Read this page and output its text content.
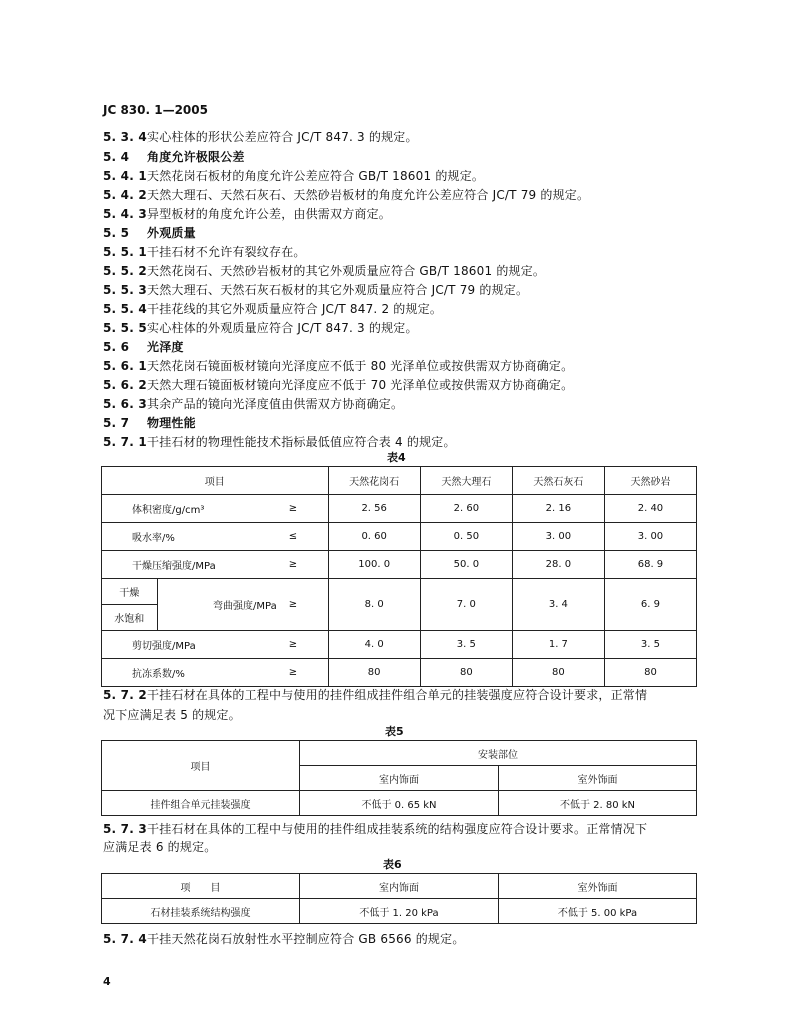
JC 830. 1—2005
5. 3. 4实心柱体的形状公差应符合 JC/T 847. 3 的规定。
5. 4 角度允许极限公差
5. 4. 1天然花岗石板材的角度允许公差应符合 GB/T 18601 的规定。
5. 4. 2天然大理石、天然石灰石、天然砂岩板材的角度允许公差应符合 JC/T 79 的规定。
5. 4. 3异型板材的角度允许公差，由供需双方商定。
5. 5 外观质量
5. 5. 1干挂石材不允许有裂纹存在。
5. 5. 2天然花岗石、天然砂岩板材的其它外观质量应符合 GB/T 18601 的规定。
5. 5. 3天然大理石、天然石灰石板材的其它外观质量应符合 JC/T 79 的规定。
5. 5. 4干挂花线的其它外观质量应符合 JC/T 847. 2 的规定。
5. 5. 5实心柱体的外观质量应符合 JC/T 847. 3 的规定。
5. 6 光泽度
5. 6. 1天然花岗石镜面板材镜向光泽度应不低于 80 光泽单位或按供需双方协商确定。
5. 6. 2天然大理石镜面板材镜向光泽度应不低于 70 光泽单位或按供需双方协商确定。
5. 6. 3其余产品的镜向光泽度值由供需双方协商确定。
5. 7 物理性能
5. 7. 1干挂石材的物理性能技术指标最低值应符合表 4 的规定。
表4
项目			天然花岗石	天然大理石	天然石灰石	天然砂岩
体积密度/g/cm³		≥	2. 56	2. 60	2. 16	2. 40
吸水率/%		≤	0. 60	0. 50	3. 00	3. 00
干燥压缩强度/MPa		≥	100. 0	50. 0	28. 0	68. 9
干燥	弯曲强度/MPa	≥	8. 0	7. 0	3. 4	6. 9
水饱和						
剪切强度/MPa		≥	4. 0	3. 5	1. 7	3. 5
抗冻系数/%		≥	80	80	80	80
5. 7. 2干挂石材在具体的工程中与使用的挂件组成挂件组合单元的挂装强度应符合设计要求，正常情
况下应满足表 5 的规定。
表5
项目	安装部位	
	室内饰面	室外饰面
挂件组合单元挂装强度	不低于 0. 65 kN	不低于 2. 80 kN
5. 7. 3干挂石材在具体的工程中与使用的挂件组成挂装系统的结构强度应符合设计要求。正常情况下
应满足表 6 的规定。
表6
项　　目	室内饰面	室外饰面
石材挂装系统结构强度	不低于 1. 20 kPa	不低于 5. 00 kPa
5. 7. 4干挂天然花岗石放射性水平控制应符合 GB 6566 的规定。
4
